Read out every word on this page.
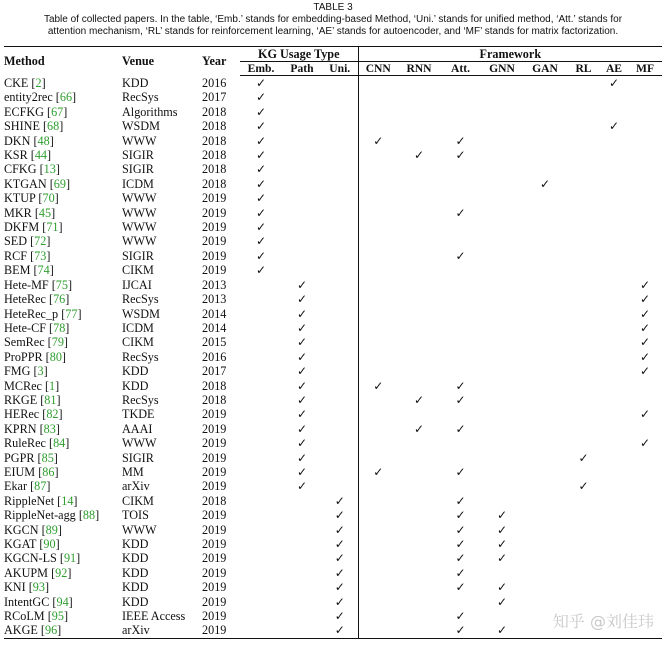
TABLE 3
Table of collected papers. In the table, ‘Emb.’ stands for embedding-based Method, ‘Uni.’ stands for unified method, ‘Att.’ stands for attention mechanism, ‘RL’ stands for reinforcement learning, ‘AE’ stands for autoencoder, and ‘MF’ stands for matrix factorization.
Method	Venue	Year	KG Usage Type			Framework							
			Emb.	Path	Uni.	CNN	RNN	Att.	GNN	GAN	RL	AE	MF
CKE [2]	KDD	2016	✓									✓	
entity2rec [66]	RecSys	2017	✓										
ECFKG [67]	Algorithms	2018	✓										
SHINE [68]	WSDM	2018	✓									✓	
DKN [48]	WWW	2018	✓			✓		✓					
KSR [44]	SIGIR	2018	✓				✓	✓					
CFKG [13]	SIGIR	2018	✓										
KTGAN [69]	ICDM	2018	✓							✓			
KTUP [70]	WWW	2019	✓										
MKR [45]	WWW	2019	✓					✓					
DKFM [71]	WWW	2019	✓										
SED [72]	WWW	2019	✓										
RCF [73]	SIGIR	2019	✓					✓					
BEM [74]	CIKM	2019	✓										
Hete-MF [75]	IJCAI	2013		✓									✓
HeteRec [76]	RecSys	2013		✓									✓
HeteRec_p [77]	WSDM	2014		✓									✓
Hete-CF [78]	ICDM	2014		✓									✓
SemRec [79]	CIKM	2015		✓									✓
ProPPR [80]	RecSys	2016		✓									✓
FMG [3]	KDD	2017		✓									✓
MCRec [1]	KDD	2018		✓		✓		✓					
RKGE [81]	RecSys	2018		✓			✓	✓					
HERec [82]	TKDE	2019		✓									✓
KPRN [83]	AAAI	2019		✓			✓	✓					
RuleRec [84]	WWW	2019		✓									✓
PGPR [85]	SIGIR	2019		✓							✓		
EIUM [86]	MM	2019		✓		✓		✓					
Ekar [87]	arXiv	2019		✓							✓		
RippleNet [14]	CIKM	2018			✓			✓					
RippleNet-agg [88]	TOIS	2019			✓			✓	✓				
KGCN [89]	WWW	2019			✓			✓	✓				
KGAT [90]	KDD	2019			✓			✓	✓				
KGCN-LS [91]	KDD	2019			✓			✓	✓				
AKUPM [92]	KDD	2019			✓			✓					
KNI [93]	KDD	2019			✓			✓	✓				
IntentGC [94]	KDD	2019			✓				✓				
RCoLM [95]	IEEE Access	2019			✓			✓					
AKGE [96]	arXiv	2019			✓			✓	✓					知乎 @刘佳玮
